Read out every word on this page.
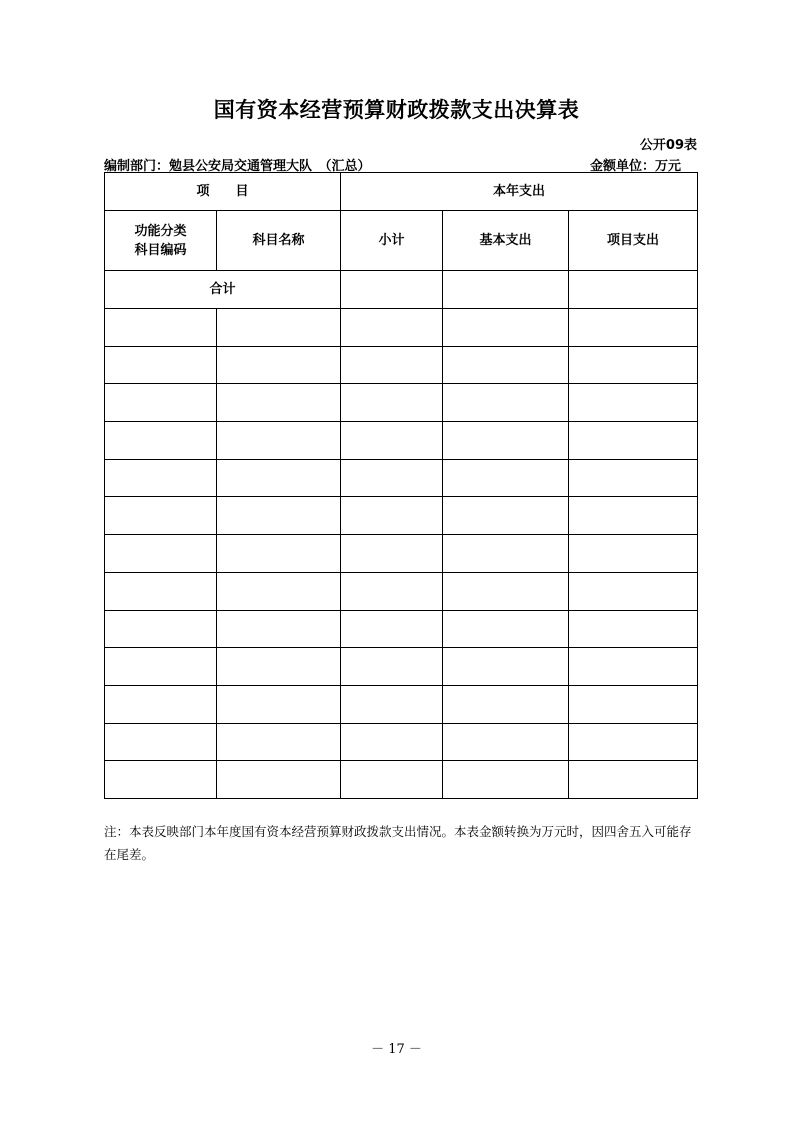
国有资本经营预算财政拨款支出决算表
公开09表
编制部门：勉县公安局交通管理大队　（汇总）	金额单位：万元
项　　目		本年支出		

功能分类
科目编码	科目名称	小计	基本支出	项目支出
合计				

注：本表反映部门本年度国有资本经营预算财政拨款支出情况。本表金额转换为万元时，因四舍五入可能存在尾差。
－ 17 －
